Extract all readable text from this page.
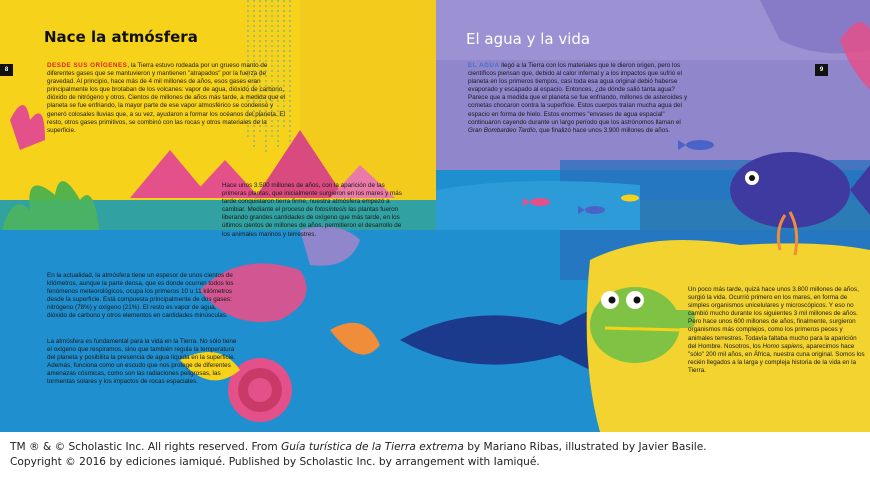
Nace la atmósfera
8

DESDE SUS ORÍGENES, la Tierra estuvo rodeada por un grueso manto de diferentes gases que se mantuvieron y mantienen "atrapados" por la fuerza de gravedad. Al principio, hace más de 4 mil millones de años, esos gases eran principalmente los que brotaban de los volcanes: vapor de agua, dióxido de carbono, dióxido de nitrógeno y otros. Cientos de millones de años más tarde, a medida que el planeta se fue enfriando, la mayor parte de ese vapor atmosférico se condensó y generó colosales lluvias que, a su vez, ayudaron a formar los océanos del planeta. El resto, otros gases primitivos, se combinó con las rocas y otros materiales de la superficie.

Hace unos 3.500 millones de años, con la aparición de las primeras plantas, que inicialmente surgieron en los mares y más tarde conquistaron tierra firme, nuestra atmósfera empezó a cambiar. Mediante el proceso de fotosíntesis las plantas fueron liberando grandes cantidades de oxígeno que más tarde, en los últimos cientos de millones de años, permitieron el desarrollo de los animales marinos y terrestres.

En la actualidad, la atmósfera tiene un espesor de unos cientos de kilómetros, aunque la parte densa, que es donde ocurren todos los fenómenos meteorológicos, ocupa los primeros 10 u 11 kilómetros desde la superficie. Está compuesta principalmente de dos gases: nitrógeno (78%) y oxígeno (21%). El resto es vapor de agua, dióxido de carbono y otros elementos en cantidades minúsculas.

La atmósfera es fundamental para la vida en la Tierra. No sólo tiene el oxígeno que respiramos, sino que también regula la temperatura del planeta y posibilita la presencia de agua líquida en la superficie. Además, funciona como un escudo que nos protege de diferentes amenazas cósmicas, como son las radiaciones peligrosas, las tormentas solares y los impactos de rocas espaciales.

El agua y la vida
9

EL AGUA llegó a la Tierra con los materiales que le dieron origen, pero los científicos piensan que, debido al calor infernal y a los impactos que sufrió el planeta en los primeros tiempos, casi toda esa agua original debió haberse evaporado y escapado al espacio. Entonces, ¿de dónde salió tanta agua? Parece que a medida que el planeta se fue enfriando, millones de asteroides y cometas chocaron contra la superficie. Estos cuerpos traían mucha agua del espacio en forma de hielo. Estos enormes "envases de agua espacial" continuaron cayendo durante un largo período que los astrónomos llaman el Gran Bombardeo Tardío, que finalizó hace unos 3.900 millones de años.

Un poco más tarde, quizá hace unos 3.800 millones de años, surgió la vida. Ocurrió primero en los mares, en forma de simples organismos unicelulares y microscópicos. Y eso no cambió mucho durante los siguientes 3 mil millones de años. Pero hace unos 600 millones de años, finalmente, surgieron organismos más complejos, como los primeros peces y animales terrestres. Todavía faltaba mucho para la aparición del Hombre. Nosotros, los Homo sapiens, aparecimos hace "sólo" 200 mil años, en África, nuestra cuna original. Somos los recién llegados a la larga y compleja historia de la vida en la Tierra.

TM ® & © Scholastic Inc. All rights reserved. From Guía turística de la Tierra extrema by Mariano Ribas, illustrated by Javier Basile.
Copyright © 2016 by ediciones iamiqué. Published by Scholastic Inc. by arrangement with Iamiqué.
